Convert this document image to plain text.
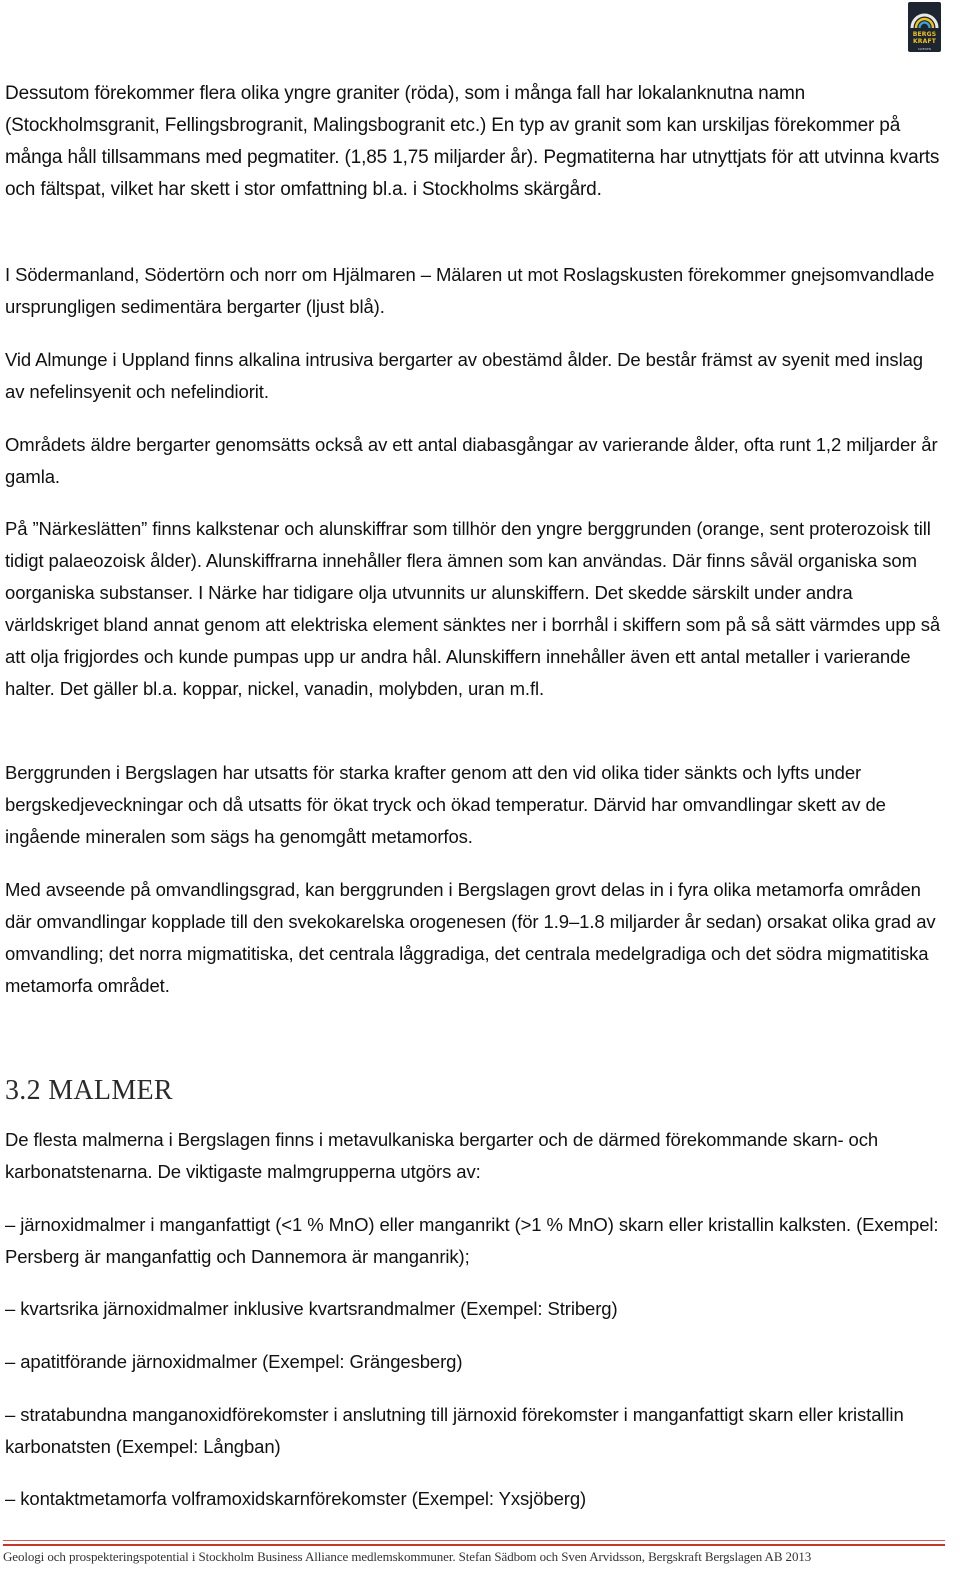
BERGS
KRAFT
SWEDEN

Dessutom förekommer flera olika yngre graniter (röda), som i många fall har lokalanknutna namn (Stockholmsgranit, Fellingsbrogranit, Malingsbogranit etc.) En typ av granit som kan urskiljas förekommer på många håll tillsammans med pegmatiter. (1,85 1,75 miljarder år). Pegmatiterna har utnyttjats för att utvinna kvarts och fältspat, vilket har skett i stor omfattning bl.a. i Stockholms skärgård.

I Södermanland, Södertörn och norr om Hjälmaren – Mälaren ut mot Roslagskusten förekommer gnejsomvandlade ursprungligen sedimentära bergarter (ljust blå).

Vid Almunge i Uppland finns alkalina intrusiva bergarter av obestämd ålder. De består främst av syenit med inslag av nefelinsyenit och nefelindiorit.

Områdets äldre bergarter genomsätts också av ett antal diabasgångar av varierande ålder, ofta runt 1,2 miljarder år gamla.

På ”Närkeslätten” finns kalkstenar och alunskiffrar som tillhör den yngre berggrunden (orange, sent proterozoisk till tidigt palaeozoisk ålder). Alunskiffrarna innehåller flera ämnen som kan användas. Där finns såväl organiska som oorganiska substanser. I Närke har tidigare olja utvunnits ur alunskiffern. Det skedde särskilt under andra världskriget bland annat genom att elektriska element sänktes ner i borrhål i skiffern som på så sätt värmdes upp så att olja frigjordes och kunde pumpas upp ur andra hål. Alunskiffern innehåller även ett antal metaller i varierande halter. Det gäller bl.a. koppar, nickel, vanadin, molybden, uran m.fl.

Berggrunden i Bergslagen har utsatts för starka krafter genom att den vid olika tider sänkts och lyfts under bergskedjeveckningar och då utsatts för ökat tryck och ökad temperatur. Därvid har omvandlingar skett av de ingående mineralen som sägs ha genomgått metamorfos.

Med avseende på omvandlingsgrad, kan berggrunden i Bergslagen grovt delas in i fyra olika metamorfa områden där omvandlingar kopplade till den svekokarelska orogenesen (för 1.9–1.8 miljarder år sedan) orsakat olika grad av omvandling; det norra migmatitiska, det centrala låggradiga, det centrala medelgradiga och det södra migmatitiska metamorfa området.

3.2 MALMER

De flesta malmerna i Bergslagen finns i metavulkaniska bergarter och de därmed förekommande skarn- och karbonatstenarna. De viktigaste malmgrupperna utgörs av:

– järnoxidmalmer i manganfattigt (<1 % MnO) eller manganrikt (>1 % MnO) skarn eller kristallin kalksten. (Exempel: Persberg är manganfattig och Dannemora är manganrik);

– kvartsrika järnoxidmalmer inklusive kvartsrandmalmer (Exempel: Striberg)

– apatitförande järnoxidmalmer (Exempel: Grängesberg)

– stratabundna manganoxidförekomster i anslutning till järnoxid förekomster i manganfattigt skarn eller kristallin karbonatsten (Exempel: Långban)

– kontaktmetamorfa volframoxidskarnförekomster (Exempel: Yxsjöberg)

Geologi och prospekteringspotential i Stockholm Business Alliance medlemskommuner. Stefan Sädbom och Sven Arvidsson, Bergskraft Bergslagen AB 2013
